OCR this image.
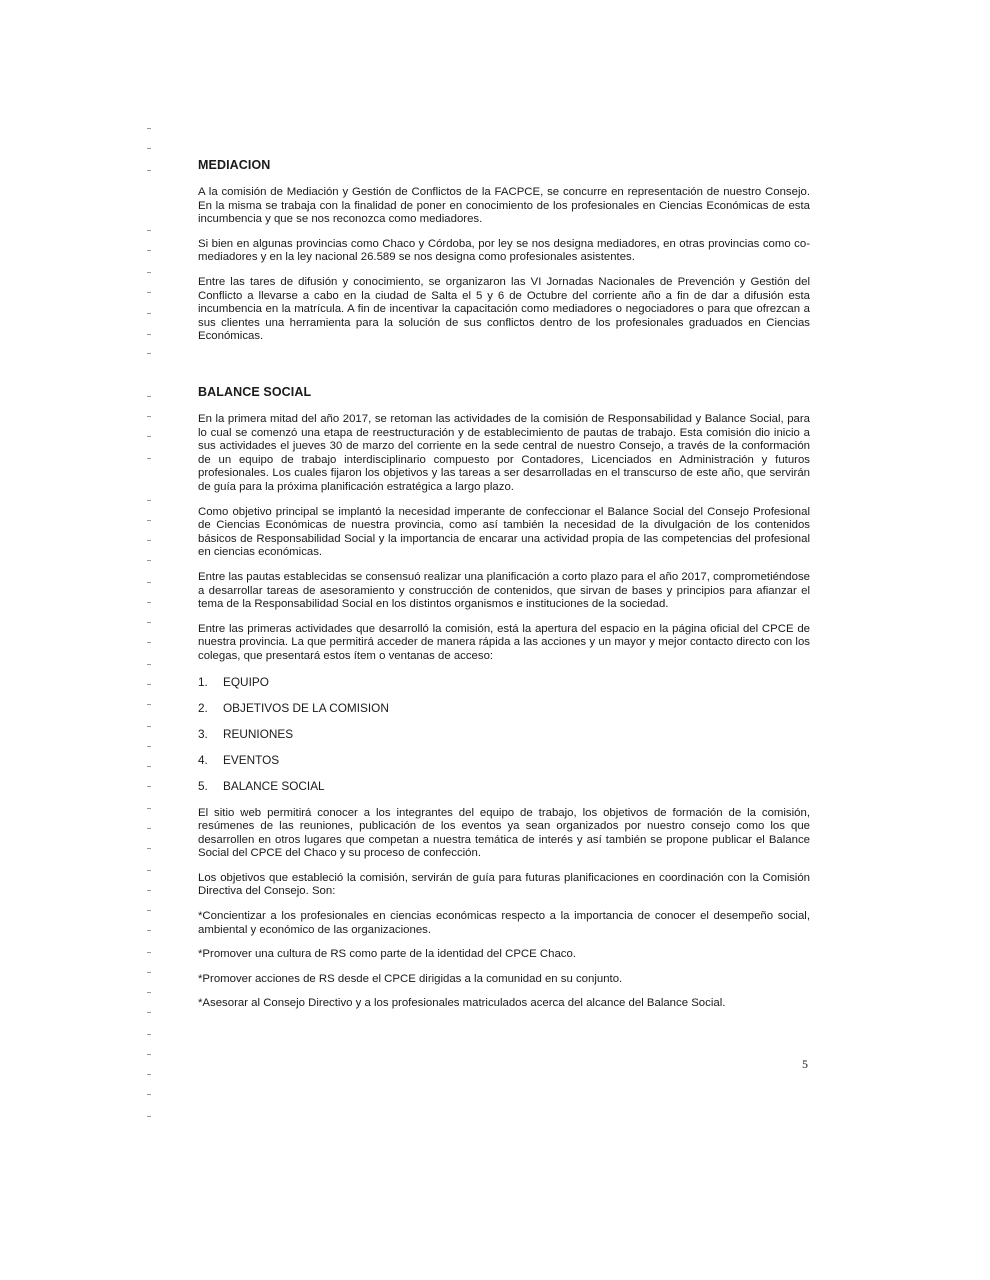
MEDIACION

A la comisión de Mediación y Gestión de Conflictos de la FACPCE, se concurre en representación de nuestro Consejo. En la misma se trabaja con la finalidad de poner en conocimiento de los profesionales en Ciencias Económicas de esta incumbencia y que se nos reconozca como mediadores.

Si bien en algunas provincias como Chaco y Córdoba, por ley se nos designa mediadores, en otras provincias como co-mediadores y en la ley nacional 26.589 se nos designa como profesionales asistentes.

Entre las tares de difusión y conocimiento, se organizaron las VI Jornadas Nacionales de Prevención y Gestión del Conflicto a llevarse a cabo en la ciudad de Salta el 5 y 6 de Octubre del corriente año a fin de dar a difusión esta incumbencia en la matrícula. A fin de incentivar la capacitación como mediadores o negociadores o para que ofrezcan a sus clientes una herramienta para la solución de sus conflictos dentro de los profesionales graduados en Ciencias Económicas.

BALANCE SOCIAL

En la primera mitad del año 2017, se retoman las actividades de la comisión de Responsabilidad y Balance Social, para lo cual se comenzó una etapa de reestructuración y de establecimiento de pautas de trabajo. Esta comisión dio inicio a sus actividades el jueves 30 de marzo del corriente en la sede central de nuestro Consejo, a través de la conformación de un equipo de trabajo interdisciplinario compuesto por Contadores, Licenciados en Administración y futuros profesionales. Los cuales fijaron los objetivos y las tareas a ser desarrolladas en el transcurso de este año, que servirán de guía para la próxima planificación estratégica a largo plazo.

Como objetivo principal se implantó la necesidad imperante de confeccionar el Balance Social del Consejo Profesional de Ciencias Económicas de nuestra provincia, como así también la necesidad de la divulgación de los contenidos básicos de Responsabilidad Social y la importancia de encarar una actividad propia de las competencias del profesional en ciencias económicas.

Entre las pautas establecidas se consensuó realizar una planificación a corto plazo para el año 2017, comprometiéndose a desarrollar tareas de asesoramiento y construcción de contenidos, que sirvan de bases y principios para afianzar el tema de la Responsabilidad Social en los distintos organismos e instituciones de la sociedad.

Entre las primeras actividades que desarrolló la comisión, está la apertura del espacio en la página oficial del CPCE de nuestra provincia. La que permitirá acceder de manera rápida a las acciones y un mayor y mejor contacto directo con los colegas, que presentará estos ítem o ventanas de acceso:

1.	EQUIPO
2.	OBJETIVOS DE LA COMISION
3.	REUNIONES
4.	EVENTOS
5.	BALANCE SOCIAL

El sitio web permitirá conocer a los integrantes del equipo de trabajo, los objetivos de formación de la comisión, resúmenes de las reuniones, publicación de los eventos ya sean organizados por nuestro consejo como los que desarrollen en otros lugares que competan a nuestra temática de interés y así también se propone publicar el Balance Social del CPCE del Chaco y su proceso de confección.

Los objetivos que estableció la comisión, servirán de guía para futuras planificaciones en coordinación con la Comisión Directiva del Consejo. Son:

*Concientizar a los profesionales en ciencias económicas respecto a la importancia de conocer el desempeño social, ambiental y económico de las organizaciones.

*Promover una cultura de RS como parte de la identidad del CPCE Chaco.

*Promover acciones de RS desde el CPCE dirigidas a la comunidad en su conjunto.

*Asesorar al Consejo Directivo y a los profesionales matriculados acerca del alcance del Balance Social.

5
